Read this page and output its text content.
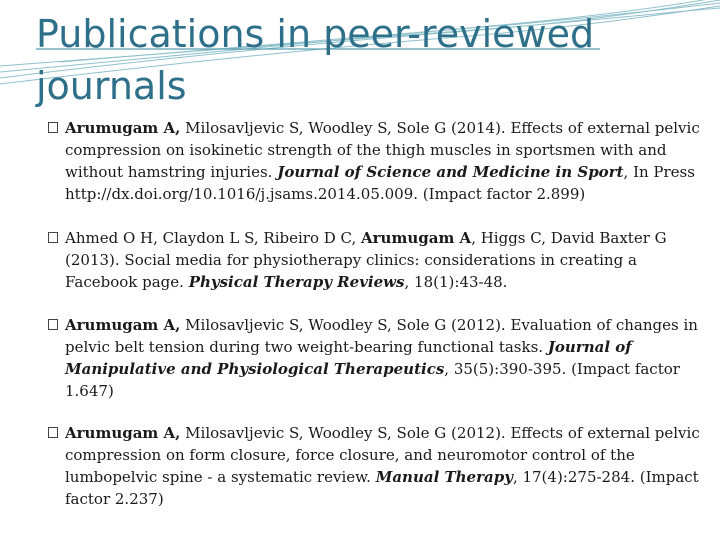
Publications in peer-reviewed journals
Arumugam A, Milosavljevic S, Woodley S, Sole G (2014). Effects of external pelvic compression on isokinetic strength of the thigh muscles in sportsmen with and without hamstring injuries. Journal of Science and Medicine in Sport, In Press http://dx.doi.org/10.1016/j.jsams.2014.05.009. (Impact factor 2.899)
Ahmed O H, Claydon L S, Ribeiro D C, Arumugam A, Higgs C, David Baxter G (2013). Social media for physiotherapy clinics: considerations in creating a Facebook page. Physical Therapy Reviews, 18(1):43-48.
Arumugam A, Milosavljevic S, Woodley S, Sole G (2012). Evaluation of changes in pelvic belt tension during two weight-bearing functional tasks. Journal of Manipulative and Physiological Therapeutics, 35(5):390-395. (Impact factor 1.647)
Arumugam A, Milosavljevic S, Woodley S, Sole G (2012). Effects of external pelvic compression on form closure, force closure, and neuromotor control of the lumbopelvic spine - a systematic review. Manual Therapy, 17(4):275-284. (Impact factor 2.237)
